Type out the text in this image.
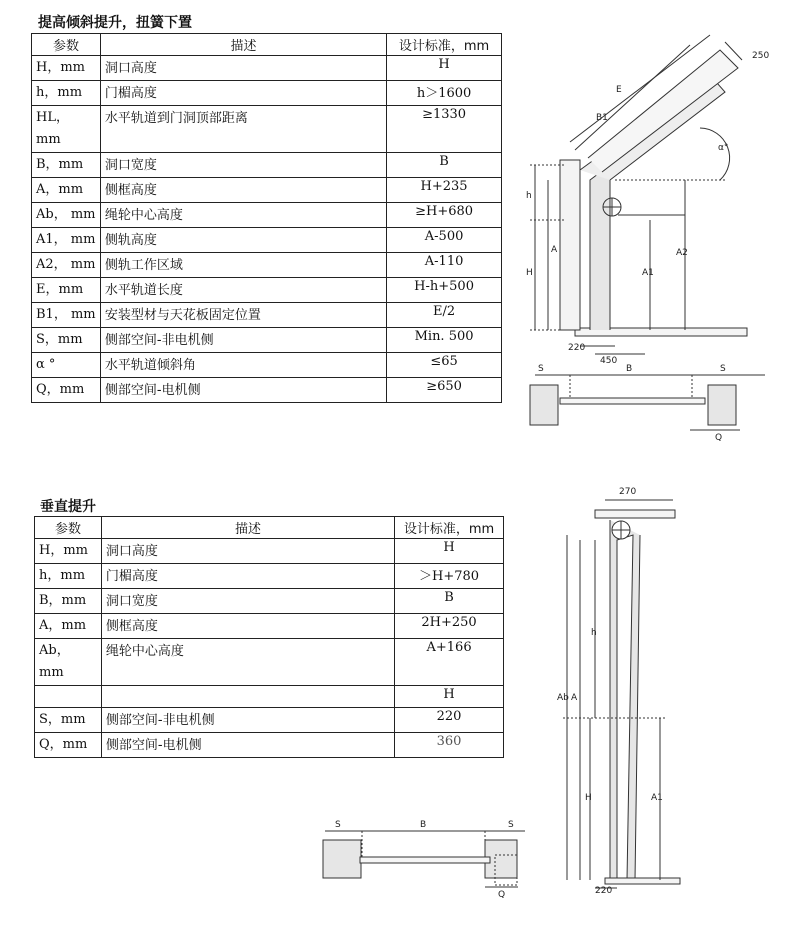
提高倾斜提升，扭簧下置
参数	描述	设计标准，mm
H，mm	洞口高度	H
h，mm	门楣高度	h＞1600
HL， mm	水平轨道到门洞顶部距离	≥1330
B，mm	洞口宽度	B
A，mm	侧框高度	H+235
Ab， mm	绳轮中心高度	≥H+680
A1， mm	侧轨高度	A-500
A2， mm	侧轨工作区域	A-110
E，mm	水平轨道长度	H-h+500
B1， mm	安装型材与天花板固定位置	E/2
S，mm	侧部空间-非电机侧	Min. 500
α °	水平轨道倾斜角	≤65
Q，mm	侧部空间-电机侧	≥650
垂直提升
参数	描述	设计标准，mm
H，mm	洞口高度	H
h，mm	门楣高度	＞H+780
B，mm	洞口宽度	B
A，mm	侧框高度	2H+250
Ab， mm	绳轮中心高度	A+166
		H
S，mm	侧部空间-非电机侧	220
Q，mm	侧部空间-电机侧	360
250
E
B1
α°
h
A
H	A1
A2
220
450
S	B	S
Q
270
h
Ab A
H	A1
220
S	B	S
Q
